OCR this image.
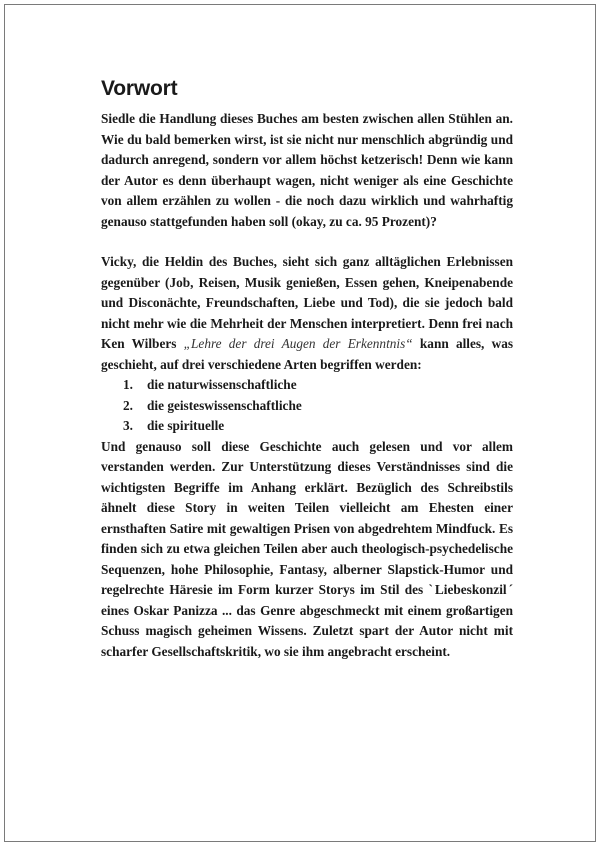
Vorwort

Siedle die Handlung dieses Buches am besten zwischen allen Stühlen an. Wie du bald bemerken wirst, ist sie nicht nur menschlich abgründig und dadurch anregend, sondern vor allem höchst ketzerisch! Denn wie kann der Autor es denn überhaupt wagen, nicht weniger als eine Geschichte von allem erzählen zu wollen - die noch dazu wirklich und wahrhaftig genauso stattgefunden haben soll (okay, zu ca. 95 Prozent)?

Vicky, die Heldin des Buches, sieht sich ganz alltäglichen Erlebnissen gegenüber (Job, Reisen, Musik genießen, Essen gehen, Kneipenabende und Disconächte, Freundschaften, Liebe und Tod), die sie jedoch bald nicht mehr wie die Mehrheit der Menschen interpretiert. Denn frei nach Ken Wilbers „Lehre der drei Augen der Erkenntnis“ kann alles, was geschieht, auf drei verschiedene Arten begriffen werden:

1. die naturwissenschaftliche
2. die geisteswissenschaftliche
3. die spirituelle

Und genauso soll diese Geschichte auch gelesen und vor allem verstanden werden. Zur Unterstützung dieses Verständnisses sind die wichtigsten Begriffe im Anhang erklärt. Bezüglich des Schreibstils ähnelt diese Story in weiten Teilen vielleicht am Ehesten einer ernsthaften Satire mit gewaltigen Prisen von abgedrehtem Mindfuck. Es finden sich zu etwa gleichen Teilen aber auch theologisch-psychedelische Sequenzen, hohe Philosophie, Fantasy, alberner Slapstick-Humor und regelrechte Häresie im Form kurzer Storys im Stil des ˋLiebeskonzilˊ eines Oskar Panizza ... das Genre abgeschmeckt mit einem großartigen Schuss magisch geheimen Wissens. Zuletzt spart der Autor nicht mit scharfer Gesellschaftskritik, wo sie ihm angebracht erscheint.
